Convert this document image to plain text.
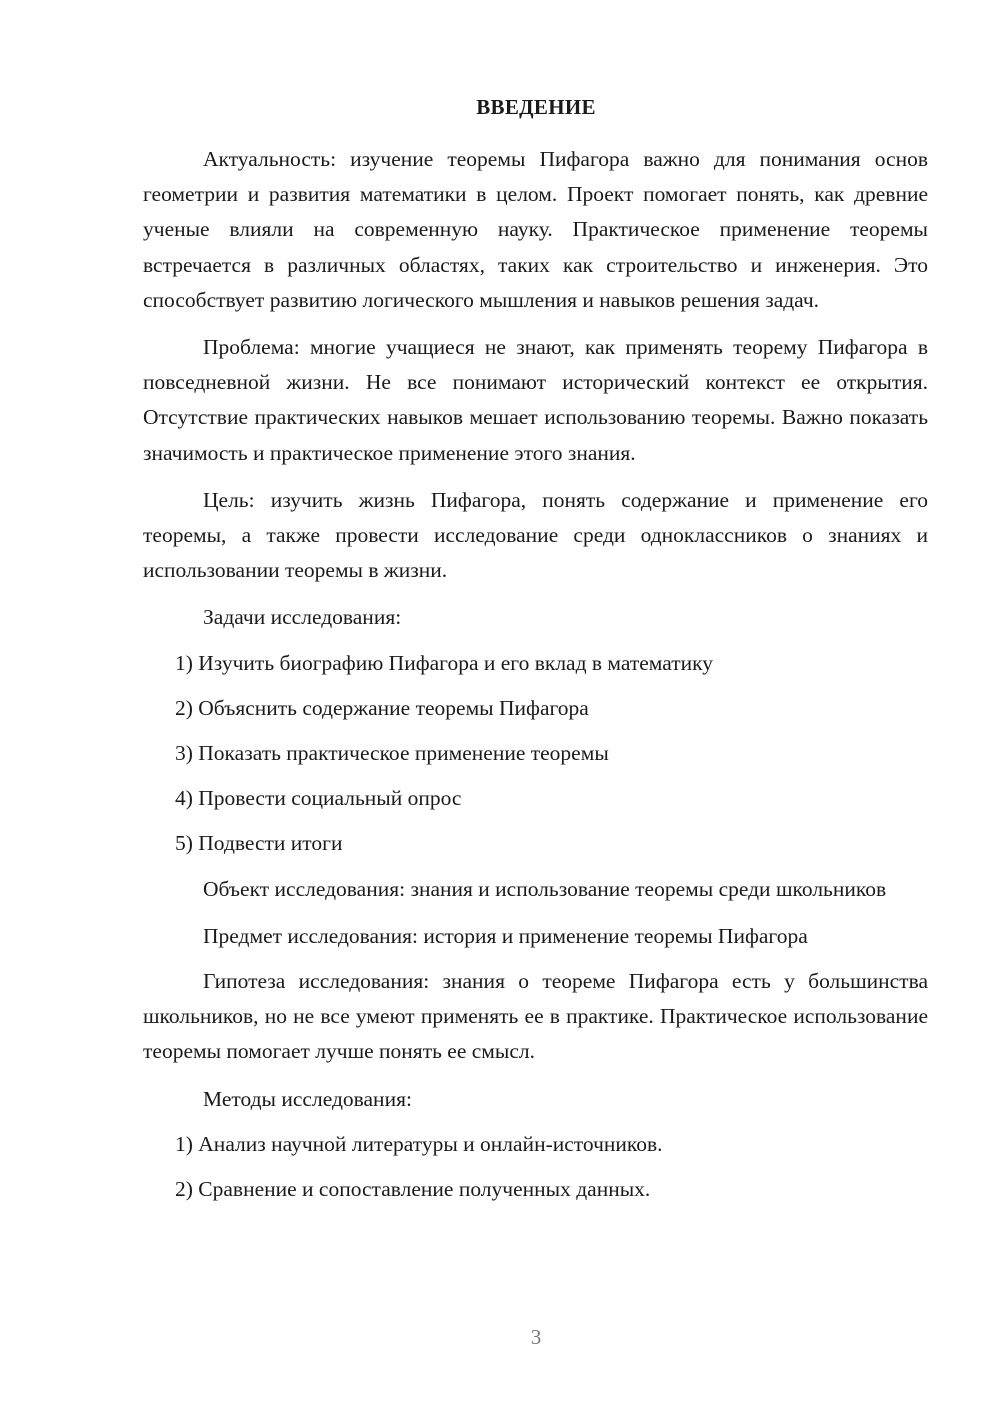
ВВЕДЕНИЕ

Актуальность: изучение теоремы Пифагора важно для понимания основ геометрии и развития математики в целом. Проект помогает понять, как древние ученые влияли на современную науку. Практическое применение теоремы встречается в различных областях, таких как строительство и инженерия. Это способствует развитию логического мышления и навыков решения задач.

Проблема: многие учащиеся не знают, как применять теорему Пифагора в повседневной жизни. Не все понимают исторический контекст ее открытия. Отсутствие практических навыков мешает использованию теоремы. Важно показать значимость и практическое применение этого знания.

Цель: изучить жизнь Пифагора, понять содержание и применение его теоремы, а также провести исследование среди одноклассников о знаниях и использовании теоремы в жизни.

Задачи исследования:

1) Изучить биографию Пифагора и его вклад в математику

2) Объяснить содержание теоремы Пифагора

3) Показать практическое применение теоремы

4) Провести социальный опрос

5) Подвести итоги

Объект исследования: знания и использование теоремы среди школьников

Предмет исследования: история и применение теоремы Пифагора

Гипотеза исследования: знания о теореме Пифагора есть у большинства школьников, но не все умеют применять ее в практике. Практическое использование теоремы помогает лучше понять ее смысл.

Методы исследования:

1) Анализ научной литературы и онлайн-источников.

2) Сравнение и сопоставление полученных данных.

3
